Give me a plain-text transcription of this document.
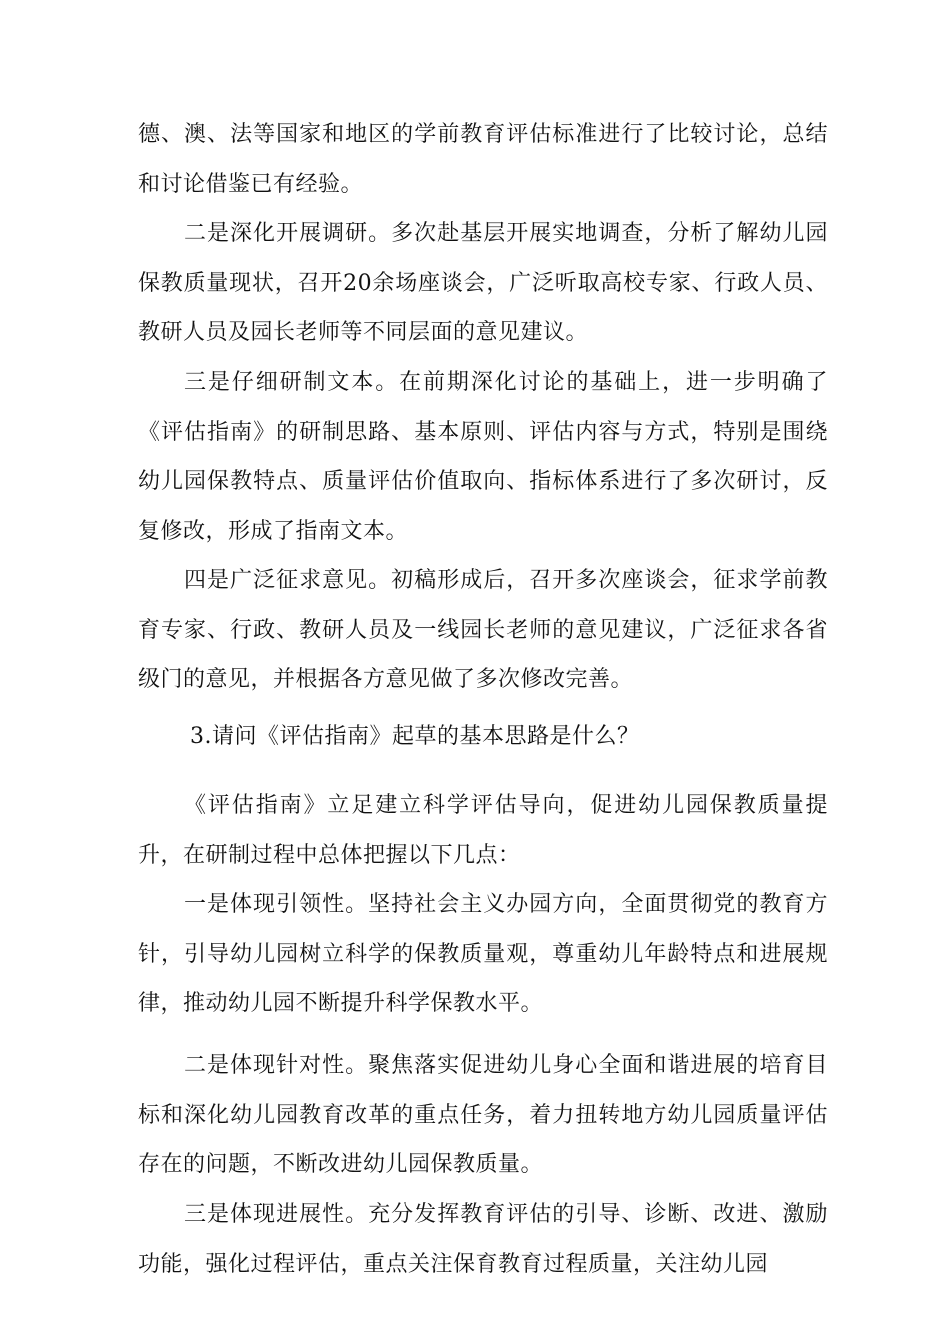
德、澳、法等国家和地区的学前教育评估标准进行了比较讨论，总结和讨论借鉴已有经验。

二是深化开展调研。多次赴基层开展实地调查，分析了解幼儿园保教质量现状，召开20余场座谈会，广泛听取高校专家、行政人员、教研人员及园长老师等不同层面的意见建议。

三是仔细研制文本。在前期深化讨论的基础上，进一步明确了《评估指南》的研制思路、基本原则、评估内容与方式，特别是围绕幼儿园保教特点、质量评估价值取向、指标体系进行了多次研讨，反复修改，形成了指南文本。

四是广泛征求意见。初稿形成后，召开多次座谈会，征求学前教育专家、行政、教研人员及一线园长老师的意见建议，广泛征求各省级门的意见，并根据各方意见做了多次修改完善。

3.请问《评估指南》起草的基本思路是什么？

《评估指南》立足建立科学评估导向，促进幼儿园保教质量提升，在研制过程中总体把握以下几点：

一是体现引领性。坚持社会主义办园方向，全面贯彻党的教育方针，引导幼儿园树立科学的保教质量观，尊重幼儿年龄特点和进展规律，推动幼儿园不断提升科学保教水平。

二是体现针对性。聚焦落实促进幼儿身心全面和谐进展的培育目标和深化幼儿园教育改革的重点任务，着力扭转地方幼儿园质量评估存在的问题，不断改进幼儿园保教质量。

三是体现进展性。充分发挥教育评估的引导、诊断、改进、激励功能，强化过程评估，重点关注保育教育过程质量，关注幼儿园
